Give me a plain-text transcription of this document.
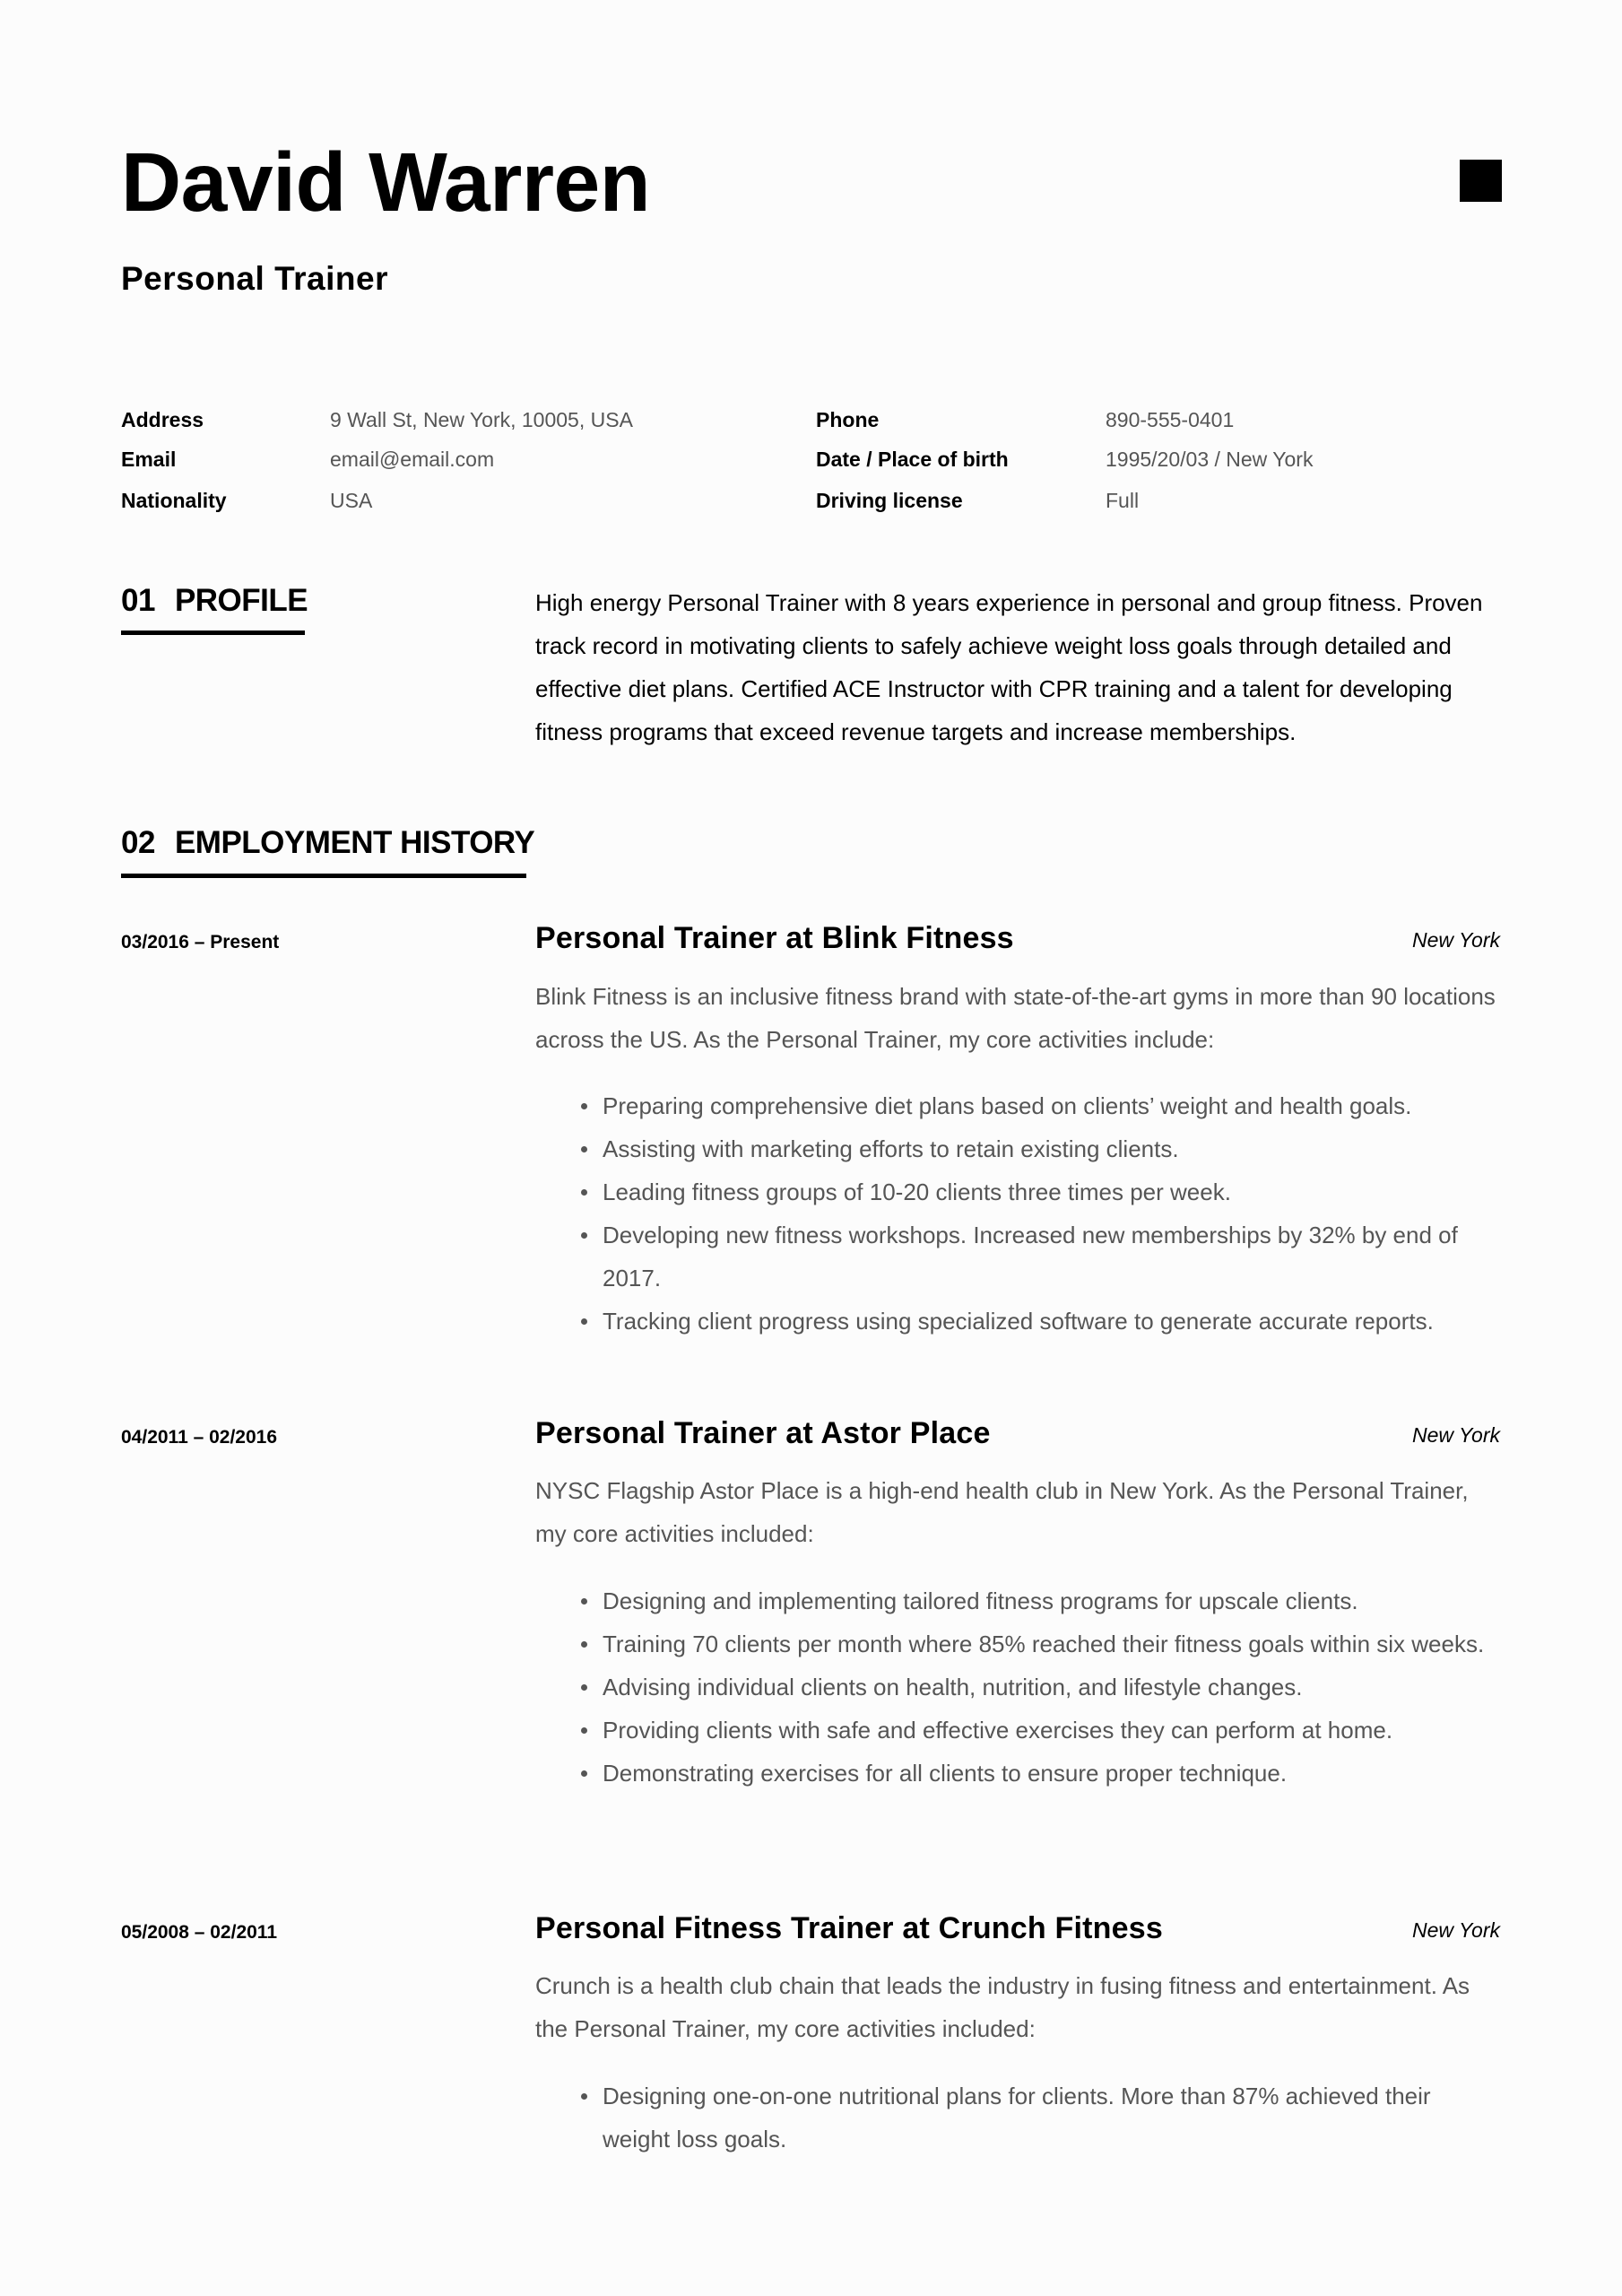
David Warren
Personal Trainer
Address	9 Wall St, New York, 10005, USA
Email	email@email.com
Nationality	USA
Phone	890-555-0401
Date / Place of birth	1995/20/03 / New York
Driving license	Full
01 PROFILE	High energy Personal Trainer with 8 years experience in personal and group fitness. Proven track record in motivating clients to safely achieve weight loss goals through detailed and effective diet plans. Certified ACE Instructor with CPR training and a talent for developing fitness programs that exceed revenue targets and increase memberships.

02 EMPLOYMENT HISTORY
03/2016 – Present	Personal Trainer at Blink Fitness	New York

Blink Fitness is an inclusive fitness brand with state-of-the-art gyms in more than 90 locations across the US. As the Personal Trainer, my core activities include:

Preparing comprehensive diet plans based on clients’ weight and health goals.
Assisting with marketing efforts to retain existing clients.
Leading fitness groups of 10-20 clients three times per week.
Developing new fitness workshops. Increased new memberships by 32% by end of 2017.
Tracking client progress using specialized software to generate accurate reports.
04/2011 – 02/2016	Personal Trainer at Astor Place	New York

NYSC Flagship Astor Place is a high-end health club in New York. As the Personal Trainer, my core activities included:

Designing and implementing tailored fitness programs for upscale clients.
Training 70 clients per month where 85% reached their fitness goals within six weeks.
Advising individual clients on health, nutrition, and lifestyle changes.
Providing clients with safe and effective exercises they can perform at home.
Demonstrating exercises for all clients to ensure proper technique.
05/2008 – 02/2011	Personal Fitness Trainer at Crunch Fitness	New York

Crunch is a health club chain that leads the industry in fusing fitness and entertainment. As the Personal Trainer, my core activities included:

Designing one-on-one nutritional plans for clients. More than 87% achieved their weight loss goals.
